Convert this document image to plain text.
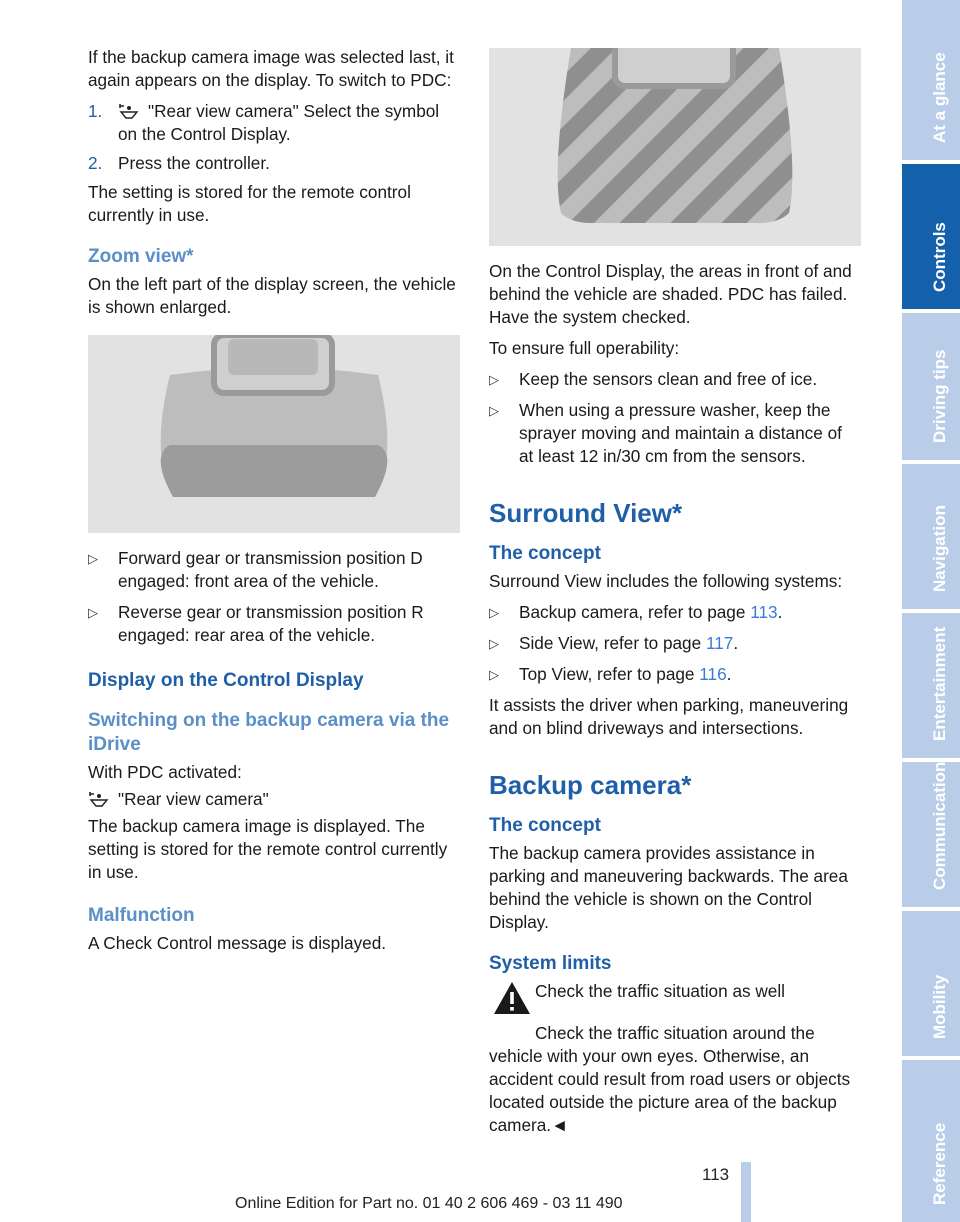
If the backup camera image was selected last, it again appears on the display. To switch to PDC:

1.	"Rear view camera" Select the symbol on the Control Display.
2. Press the controller.

The setting is stored for the remote control currently in use.

Zoom view*

On the left part of the display screen, the vehicle is shown enlarged.

▷	Forward gear or transmission position D engaged: front area of the vehicle.
▷	Reverse gear or transmission position R engaged: rear area of the vehicle.
Display on the Control Display
Switching on the backup camera via the iDrive

With PDC activated:

"Rear view camera"

The backup camera image is displayed. The setting is stored for the remote control currently in use.

Malfunction

A Check Control message is displayed.

On the Control Display, the areas in front of and behind the vehicle are shaded. PDC has failed. Have the system checked.

To ensure full operability:

▷	Keep the sensors clean and free of ice.
▷	When using a pressure washer, keep the sprayer moving and maintain a distance of at least 12 in/30 cm from the sensors.
Surround View*
The concept

Surround View includes the following systems:

▷	Backup camera, refer to page 113.
▷	Side View, refer to page 117.
▷	Top View, refer to page 116.

It assists the driver when parking, maneuvering and on blind driveways and intersections.

Backup camera*
The concept

The backup camera provides assistance in parking and maneuvering backwards. The area behind the vehicle is shown on the Control Display.

System limits
Check the traffic situation as well

Check the traffic situation around the vehicle with your own eyes. Otherwise, an accident could result from road users or objects located outside the picture area of the backup camera.◄

At a glance
Controls
Driving tips
Navigation
Entertainment
Communication
Mobility
Reference
113
Online Edition for Part no. 01 40 2 606 469 - 03 11 490
